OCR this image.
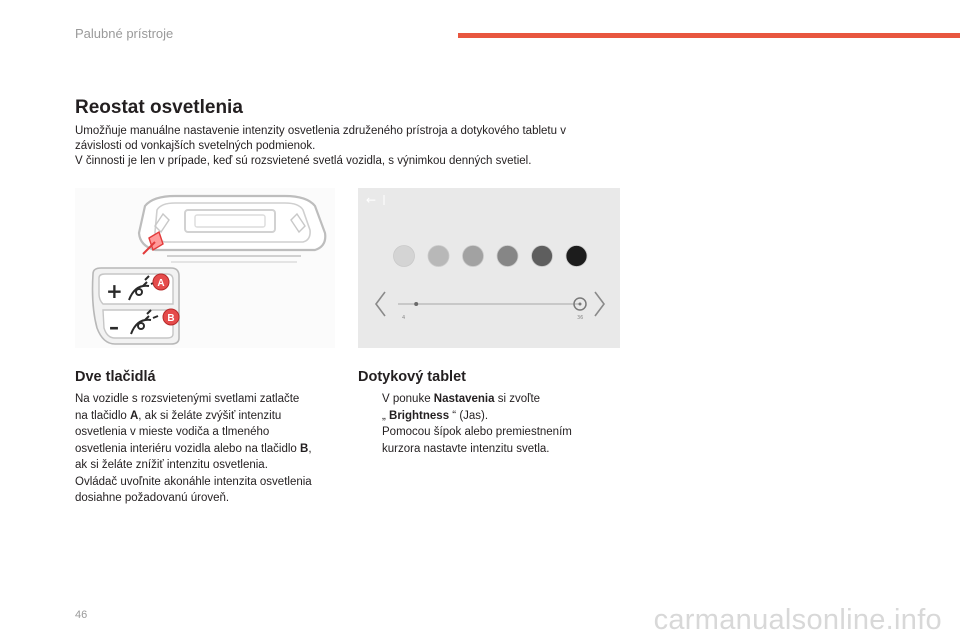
Palubné prístroje
Reostat osvetlenia

Umožňuje manuálne nastavenie intenzity osvetlenia združeného prístroja a dotykového tabletu v

závislosti od vonkajších svetelných podmienok.

V činnosti je len v prípade, keď sú rozsvietené svetlá vozidla, s výnimkou denných svetiel.

+
–
A
B
←
4	36
Dve tlačidlá

Na vozidle s rozsvietenými svetlami zatlačte

na tlačidlo A, ak si želáte zvýšiť intenzitu

osvetlenia v mieste vodiča a tlmeného

osvetlenia interiéru vozidla alebo na tlačidlo B,

ak si želáte znížiť intenzitu osvetlenia.

Ovládač uvoľnite akonáhle intenzita osvetlenia

dosiahne požadovanú úroveň.

Dotykový tablet

V ponuke Nastavenia si zvoľte

„ Brightness “ (Jas).

Pomocou šípok alebo premiestnením

kurzora nastavte intenzitu svetla.

46	carmanualsonline.info
